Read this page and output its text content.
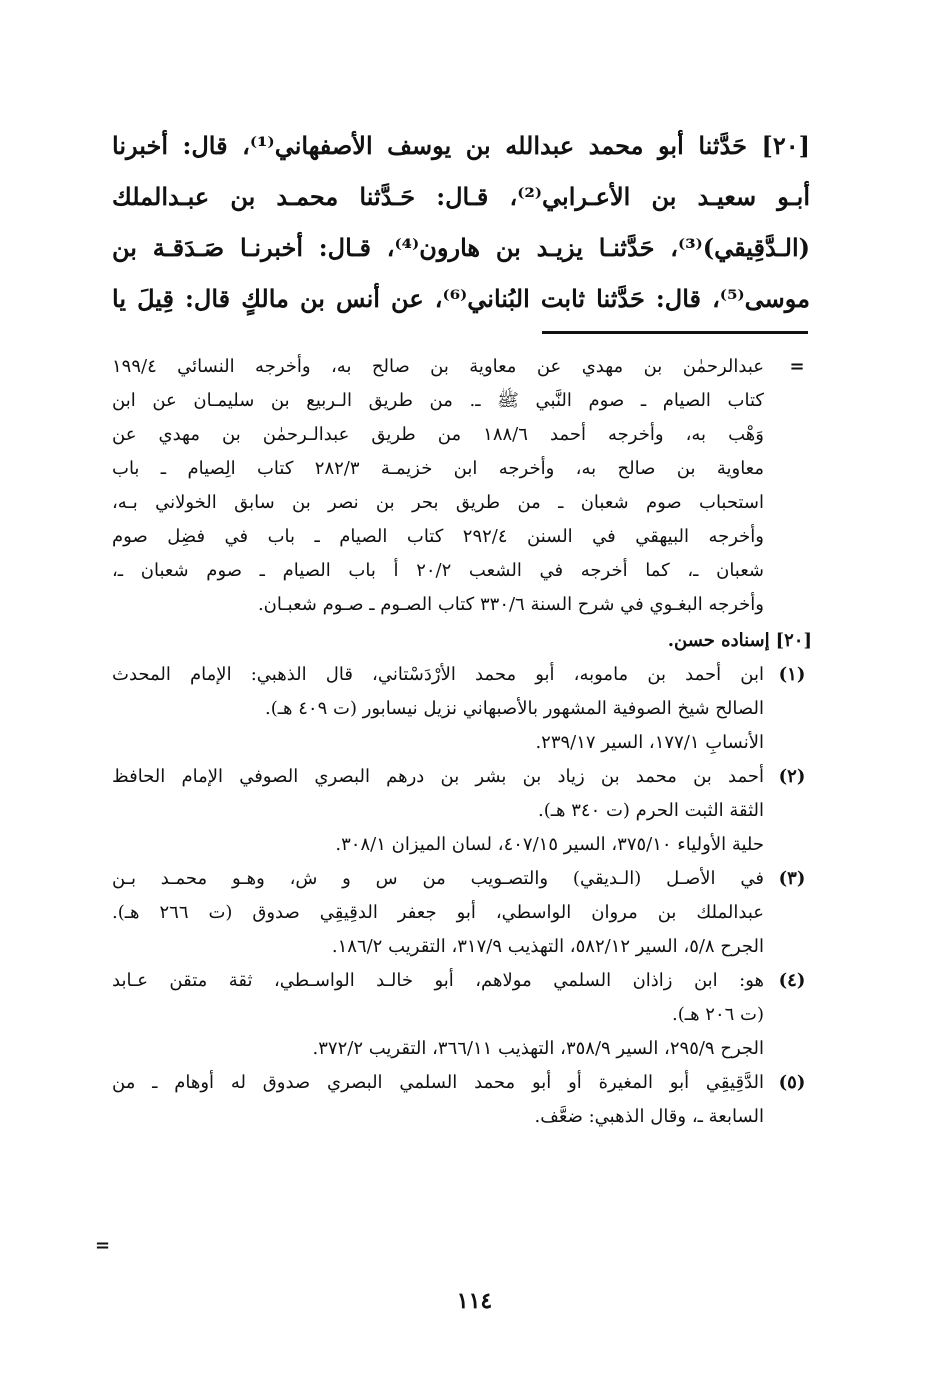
[٢٠] حَدَّثنا أبو محمد عبدالله بن يوسف الأصفهاني⁽¹⁾، قال: أخبرنا
أبـو سعيـد بن الأعـرابي⁽²⁾، قـال: حَـدَّثنا محمـد بن عبـدالملك
(الـدَّقِيقي)⁽³⁾، حَدَّثنـا يزيـد بن هارون⁽⁴⁾، قـال: أخبرنـا صَـدَقـة بن
موسى⁽⁵⁾، قال: حَدَّثنا ثابت البُناني⁽⁶⁾، عن أنس بن مالكٍ قال: قِيلَ يا
=
عبدالرحمٰن بن مهدي عن معاوية بن صالح به، وأخرجه النسائي ١٩٩/٤
كتاب الصيام ـ صوم النَّبي ﷺ ـ. من طريق الـربيع بن سليمـان عن ابن
وَهْب به، وأخرجه أحمد ١٨٨/٦ من طريق عبدالـرحمٰن بن مهدي عن
معاوية بن صالح به، وأخرجه ابن خزيمـة ٢٨٢/٣ كتاب الِصيام ـ باب
استحباب صوم شعبان ـ من طريق بحر بن نصر بن سابق الخولاني بـه،
وأخرجه البيهقي في السنن ٢٩٢/٤ كتاب الصيام ـ باب في فضِل صوم
شعبان ـ، كما أخرجه في الشعب ٢٠/٢ أ باب الصيام ـ صوم شعبان ـ،
وأخرجه البغـوي في شرح السنة ٣٣٠/٦ كتاب الصـوم ـ صـوم شعبـان.
[٢٠]إسناده حسن.
(١)
ابن أحمد بن ماموبه، أبو محمد الأرْدَسْتاني، قال الذهبي: الإمام المحدث
الصالح شيخ الصوفية المشهور بالأصبهاني نزيل نيسابور (ت ٤٠٩ هـ).
الأنسابِ ١٧٧/١، السير ٢٣٩/١٧.
(٢)
أحمد بن محمد بن زياد بن بشر بن درهم البصري الصوفي الإمام الحافظ
الثقة الثبت الحرم (ت ٣٤٠ هـ).
حلية الأولياء ٣٧٥/١٠، السير ٤٠٧/١٥، لسان الميزان ٣٠٨/١.
(٣)
في الأصـل (الـديقي) والتصـويب من س و ش، وهـو محمـد بـن
عبدالملك بن مروان الواسطي، أبو جعفر الدقِيقِي صدوق (ت ٢٦٦ هـ).
الجرح ٥/٨، السير ٥٨٢/١٢، التهذيب ٣١٧/٩، التقريب ١٨٦/٢.
(٤)
هو: ابن زاذان السلمي مولاهم، أبو خالـد الواسـطي، ثقة متقن عـابد
(ت ٢٠٦ هـ).
الجرح ٢٩٥/٩، السير ٣٥٨/٩، التهذيب ٣٦٦/١١، التقريب ٣٧٢/٢.
(٥)
الدَّقِيقِي أبو المغيرة أو أبو محمد السلمي البصري صدوق له أوهام ـ من
السابعة ـ، وقال الذهبي: ضعَّف.
=
١١٤
